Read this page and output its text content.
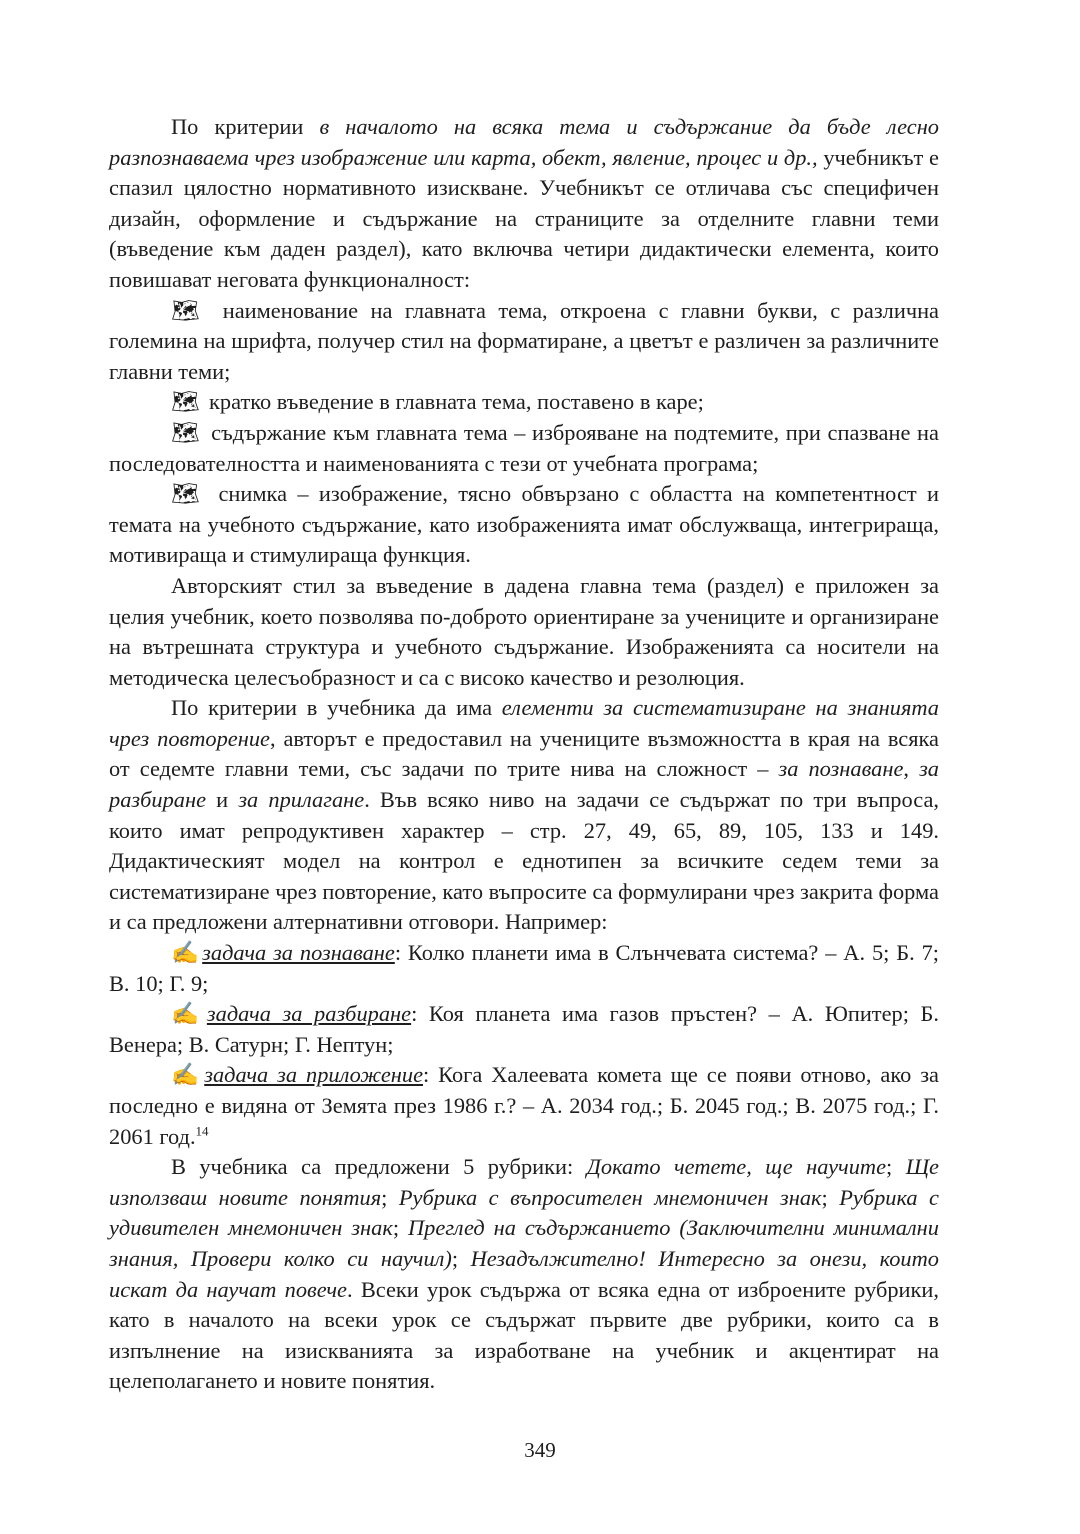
По критерии в началото на всяка тема и съдържание да бъде лесно разпознаваема чрез изображение или карта, обект, явление, процес и др., учебникът е спазил цялостно нормативното изискване. Учебникът се отличава със специфичен дизайн, оформление и съдържание на страниците за отделните главни теми (въведение към даден раздел), като включва четири дидактически елемента, които повишават неговата функционалност:

🗺 наименование на главната тема, откроена с главни букви, с различна големина на шрифта, получер стил на форматиране, а цветът е различен за различните главни теми;

🗺 кратко въведение в главната тема, поставено в каре;

🗺 съдържание към главната тема – изброяване на подтемите, при спазване на последователността и наименованията с тези от учебната програма;

🗺 снимка – изображение, тясно обвързано с областта на компетентност и темата на учебното съдържание, като изображенията имат обслужваща, интегрираща, мотивираща и стимулираща функция.

Авторският стил за въведение в дадена главна тема (раздел) е приложен за целия учебник, което позволява по-доброто ориентиране за учениците и организиране на вътрешната структура и учебното съдържание. Изображенията са носители на методическа целесъобразност и са с високо качество и резолюция.

По критерии в учебника да има елементи за систематизиране на знанията чрез повторение, авторът е предоставил на учениците възможността в края на всяка от седемте главни теми, със задачи по трите нива на сложност – за познаване, за разбиране и за прилагане. Във всяко ниво на задачи се съдържат по три въпроса, които имат репродуктивен характер – стр. 27, 49, 65, 89, 105, 133 и 149. Дидактическият модел на контрол е еднотипен за всичките седем теми за систематизиране чрез повторение, като въпросите са формулирани чрез закрита форма и са предложени алтернативни отговори. Например:

✍задача за познаване: Колко планети има в Слънчевата система? – А. 5; Б. 7; В. 10; Г. 9;

✍задача за разбиране: Коя планета има газов пръстен? – А. Юпитер; Б. Венера; В. Сатурн; Г. Нептун;

✍задача за приложение: Кога Халеевата комета ще се появи отново, ако за последно е видяна от Земята през 1986 г.? – А. 2034 год.; Б. 2045 год.; В. 2075 год.; Г. 2061 год.$^{14}$

В учебника са предложени 5 рубрики: Докато четете, ще научите; Ще използваш новите понятия; Рубрика с въпросителен мнемоничен знак; Рубрика с удивителен мнемоничен знак; Преглед на съдържанието (Заключителни минимални знания, Провери колко си научил); Незадължително! Интересно за онези, които искат да научат повече. Всеки урок съдържа от всяка една от изброените рубрики, като в началото на всеки урок се съдържат първите две рубрики, които са в изпълнение на изискванията за изработване на учебник и акцентират на целеполагането и новите понятия.

349
